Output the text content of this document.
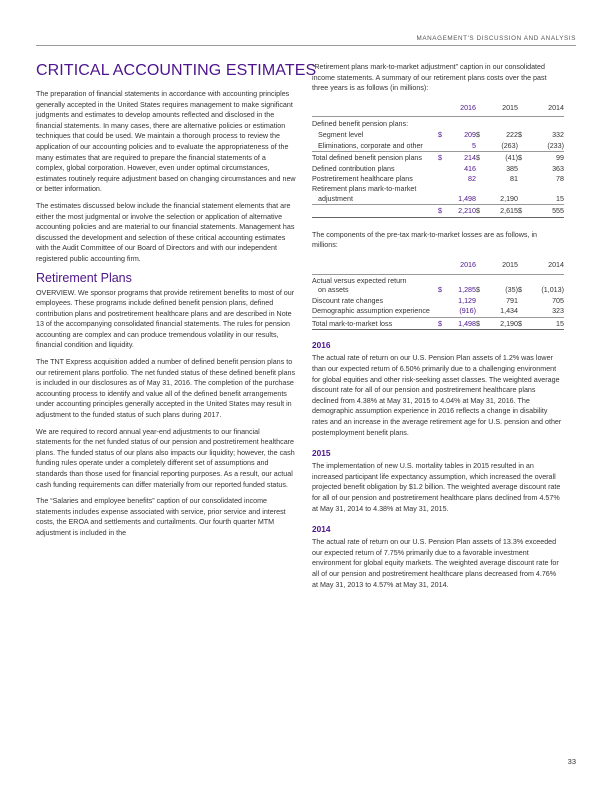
MANAGEMENT'S DISCUSSION AND ANALYSIS
CRITICAL ACCOUNTING ESTIMATES

The preparation of financial statements in accordance with accounting principles generally accepted in the United States requires management to make significant judgments and estimates to develop amounts reflected and disclosed in the financial statements. In many cases, there are alternative policies or estimation techniques that could be used. We maintain a thorough process to review the application of our accounting policies and to evaluate the appropriateness of the many estimates that are required to prepare the financial statements of a complex, global corporation. However, even under optimal circumstances, estimates routinely require adjustment based on changing circumstances and new or better information.

The estimates discussed below include the financial statement elements that are either the most judgmental or involve the selection or application of alternative accounting policies and are material to our financial statements. Management has discussed the development and selection of these critical accounting estimates with the Audit Committee of our Board of Directors and with our independent registered public accounting firm.

Retirement Plans

OVERVIEW. We sponsor programs that provide retirement benefits to most of our employees. These programs include defined benefit pension plans, defined contribution plans and postretirement healthcare plans and are described in Note 13 of the accompanying consolidated financial statements. The rules for pension accounting are complex and can produce tremendous volatility in our results, financial condition and liquidity.

The TNT Express acquisition added a number of defined benefit pension plans to our retirement plans portfolio. The net funded status of these defined benefit plans is included in our disclosures as of May 31, 2016. The completion of the purchase accounting process to identify and value all of the defined benefit arrangements under accounting principles generally accepted in the United States may result in adjustment to the funded status of such plans during 2017.

We are required to record annual year-end adjustments to our financial statements for the net funded status of our pension and postretirement healthcare plans. The funded status of our plans also impacts our liquidity; however, the cash funding rules operate under a completely different set of assumptions and standards than those used for financial reporting purposes. As a result, our actual cash funding requirements can differ materially from our reported funded status.

The “Salaries and employee benefits” caption of our consolidated income statements includes expense associated with service, prior service and interest costs, the EROA and settlements and curtailments. Our fourth quarter MTM adjustment is included in the

“Retirement plans mark-to-market adjustment” caption in our consolidated income statements. A summary of our retirement plans costs over the past three years is as follows (in millions):

	2016		2015		2014	
Defined benefit pension plans:						
Segment level	$	209	$	222	$	332
Eliminations, corporate and other		5		(263)		(233)
Total defined benefit pension plans	$	214	$	(41)	$	99
Defined contribution plans		416		385		363
Postretirement healthcare plans		82		81		78

Retirement plans mark-to-market
adjustment		1,498		2,190		15
	$	2,210	$	2,615	$	555

The components of the pre-tax mark-to-market losses are as follows, in millions:

	2016		2015		2014	

Actual versus expected return
on assets	$	1,285	$	(35)	$	(1,013)
Discount rate changes		1,129		791		705
Demographic assumption experience		(916)		1,434		323
Total mark-to-market loss	$	1,498	$	2,190	$	15
2016

The actual rate of return on our U.S. Pension Plan assets of 1.2% was lower than our expected return of 6.50% primarily due to a challenging environment for global equities and other risk-seeking asset classes. The weighted average discount rate for all of our pension and postretirement healthcare plans declined from 4.38% at May 31, 2015 to 4.04% at May 31, 2016. The demographic assumption experience in 2016 reflects a change in disability rates and an increase in the average retirement age for U.S. pension and other postemployment benefit plans.

2015

The implementation of new U.S. mortality tables in 2015 resulted in an increased participant life expectancy assumption, which increased the overall projected benefit obligation by $1.2 billion. The weighted average discount rate for all of our pension and postretirement healthcare plans declined from 4.57% at May 31, 2014 to 4.38% at May 31, 2015.

2014

The actual rate of return on our U.S. Pension Plan assets of 13.3% exceeded our expected return of 7.75% primarily due to a favorable investment environment for global equity markets. The weighted average discount rate for all of our pension and postretirement healthcare plans decreased from 4.76% at May 31, 2013 to 4.57% at May 31, 2014.

33
